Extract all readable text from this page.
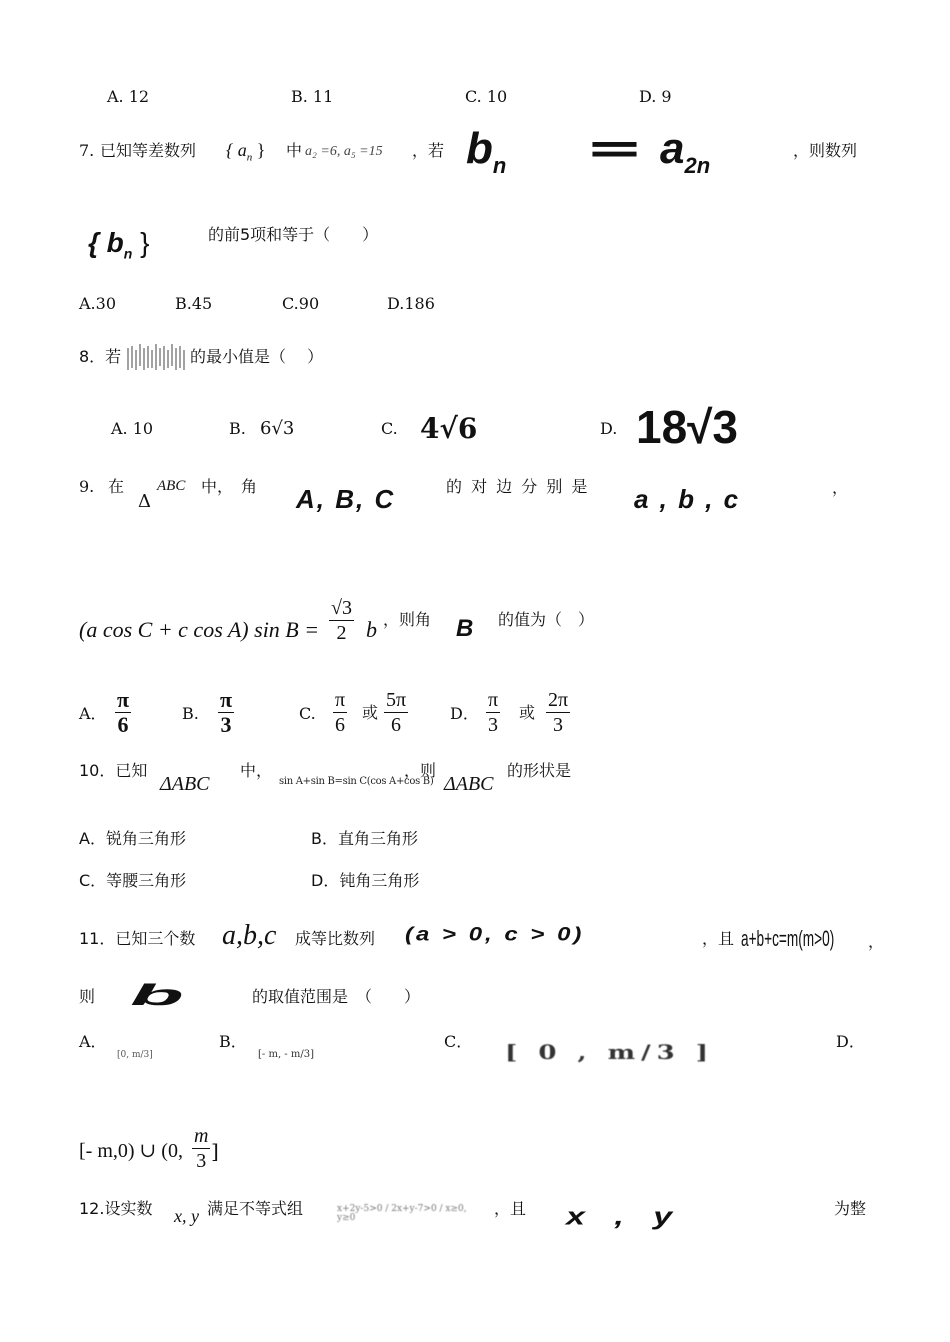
A. 12	B. 11	C. 10	D. 9
7. 已知等差数列 { $a_n$ } 中 a₂ =6, a₅ =15 ，若 $b_n = a_{2n}$
，则数列
{ $b_n$ }	的前5项和等于（　　）
A.30	B.45	C.90	D.186
8．若	的最小值是（　 ）
A. 10	B. 6√3	C. 4√6	D. 18√3
9. 在
Δ
ABC 中，　角 A, B, C	的 对 边 分 别 是 a , b , c	，
(a cos C + c cos A) $\sin B = \frac{√3}{2}$ b ，则角 B 的值为（　）
A． $\frac{\pi}{6}$	B. $\frac{\pi}{3}$	C. $\frac{\pi}{6}$ 或 $\frac{5\pi}{6}$	D． $\frac{\pi}{3}$ 或 $\frac{2\pi}{3}$
10．已知
ΔABC
中，
sin A+sin B=sin C(cos A+cos B)
，则
ΔABC
的形状是
A．锐角三角形	B．直角三角形
C．等腰三角形	D．钝角三角形
11．已知三个数 a,b,c 成等比数列 (a > 0, c > 0)	，且 a+b+c=m(m>0) ，
则 b	的取值范围是　（　　）
A．
[0, m/3]
B．
[- m, - m/3]
C．
[ 0 , m/3 ]
D．
[- m,0) ∪ (0, $\frac{m}{3}$ ]
12.设实数 x, y 满足不等式组	x+2y-5>0 / 2x+y-7>0 / x≥0, y≥0	，且 x , y	为整
